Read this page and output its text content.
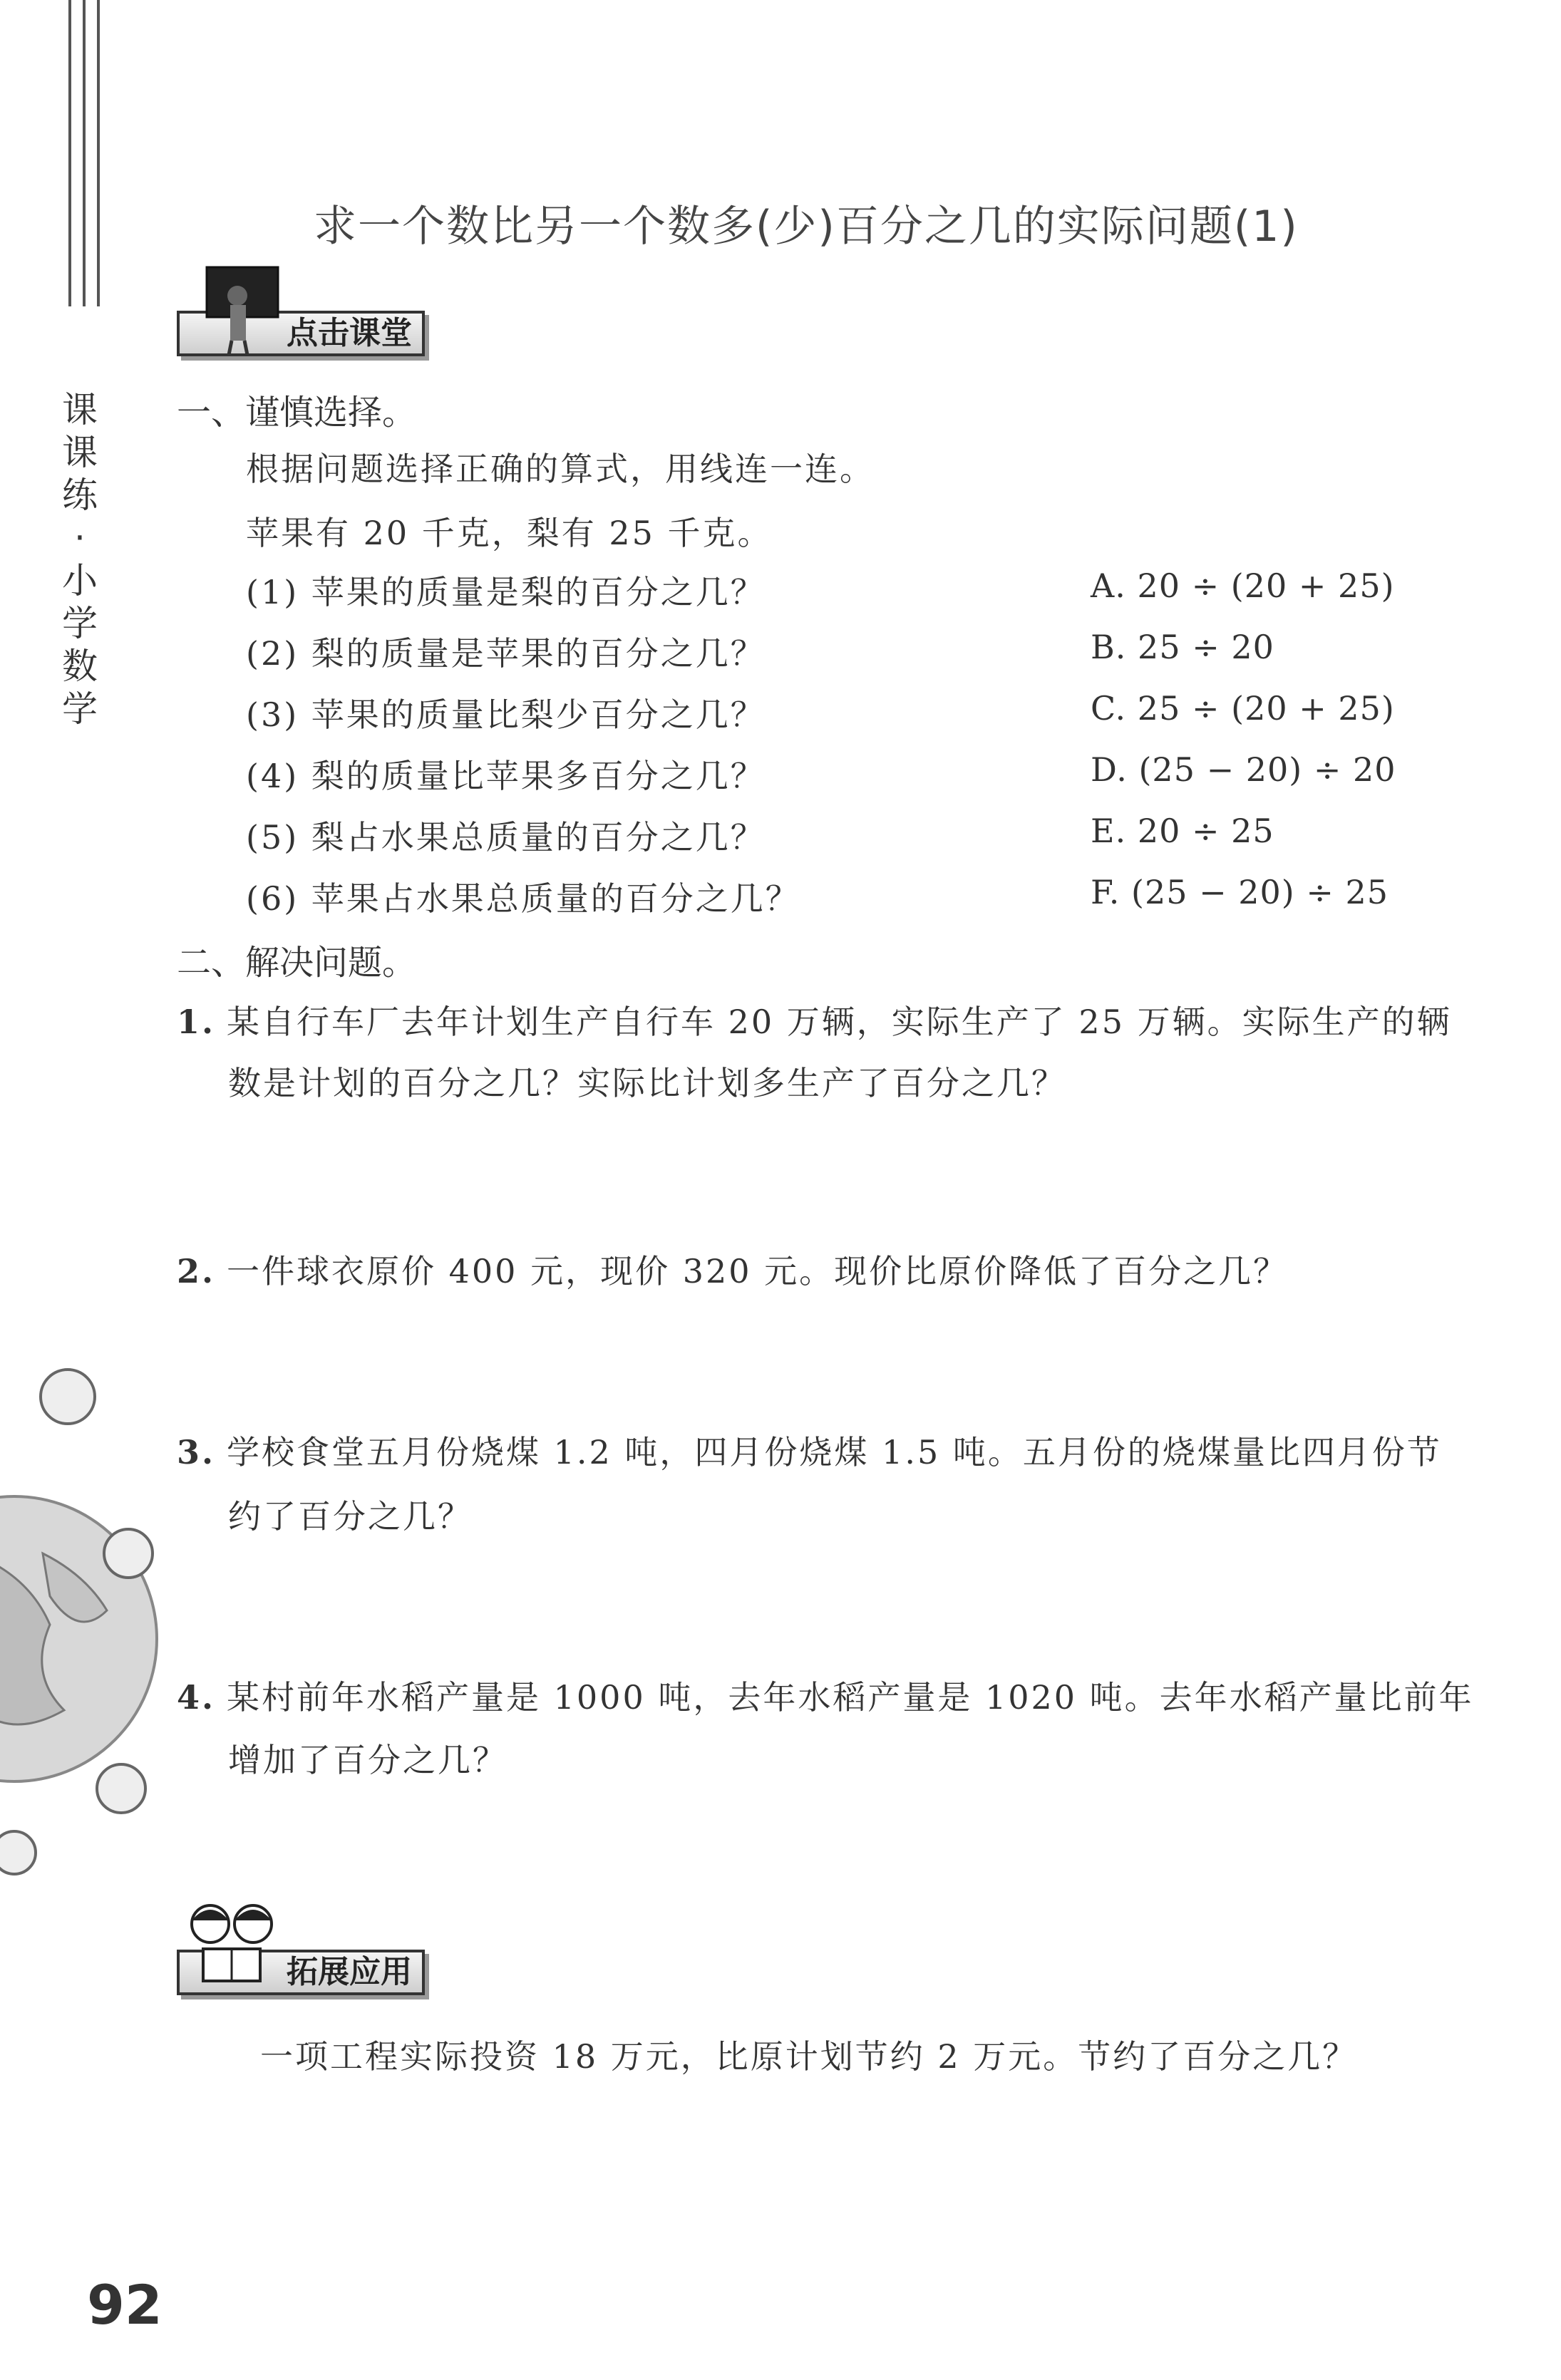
课
课
练
·
小
学
数
学
求一个数比另一个数多(少)百分之几的实际问题(1)
点击课堂
一、谨慎选择。
根据问题选择正确的算式，用线连一连。
苹果有 20 千克，梨有 25 千克。
(1) 苹果的质量是梨的百分之几？
(2) 梨的质量是苹果的百分之几？
(3) 苹果的质量比梨少百分之几？
(4) 梨的质量比苹果多百分之几？
(5) 梨占水果总质量的百分之几？
(6) 苹果占水果总质量的百分之几？
A. 20 ÷ (20 + 25)
B. 25 ÷ 20
C. 25 ÷ (20 + 25)
D. (25 − 20) ÷ 20
E. 20 ÷ 25
F. (25 − 20) ÷ 25
二、解决问题。
1. 某自行车厂去年计划生产自行车 20 万辆，实际生产了 25 万辆。实际生产的辆
数是计划的百分之几？实际比计划多生产了百分之几？
2. 一件球衣原价 400 元，现价 320 元。现价比原价降低了百分之几？
3. 学校食堂五月份烧煤 1.2 吨，四月份烧煤 1.5 吨。五月份的烧煤量比四月份节
约了百分之几？
4. 某村前年水稻产量是 1000 吨，去年水稻产量是 1020 吨。去年水稻产量比前年
增加了百分之几？
拓展应用
一项工程实际投资 18 万元，比原计划节约 2 万元。节约了百分之几？
92
